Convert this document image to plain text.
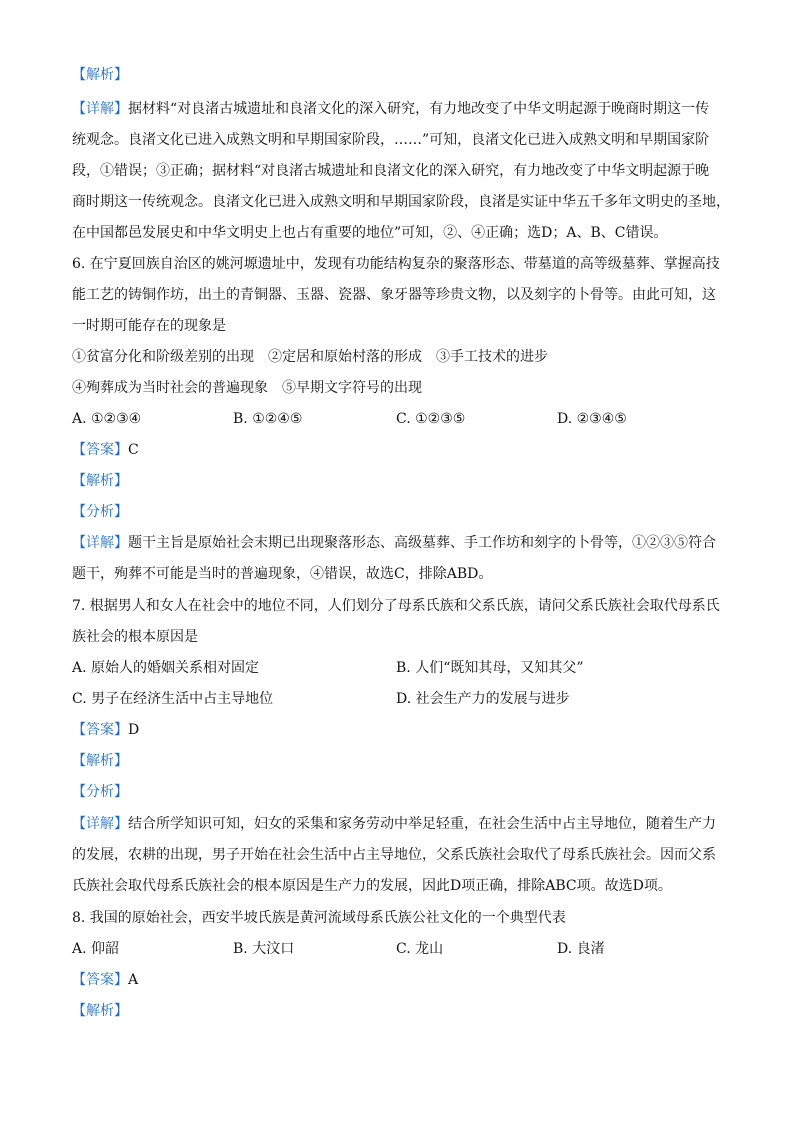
【解析】
【详解】据材料“对良渚古城遗址和良渚文化的深入研究，有力地改变了中华文明起源于晚商时期这一传
统观念。良渚文化已进入成熟文明和早期国家阶段，……”可知，良渚文化已进入成熟文明和早期国家阶
段，①错误；③正确；据材料“对良渚古城遗址和良渚文化的深入研究，有力地改变了中华文明起源于晚
商时期这一传统观念。良渚文化已进入成熟文明和早期国家阶段，良渚是实证中华五千多年文明史的圣地，
在中国都邑发展史和中华文明史上也占有重要的地位”可知，②、④正确；选D；A、B、C错误。
6. 在宁夏回族自治区的姚河塬遗址中，发现有功能结构复杂的聚落形态、带墓道的高等级墓葬、掌握高技
能工艺的铸铜作坊，出土的青铜器、玉器、瓷器、象牙器等珍贵文物，以及刻字的卜骨等。由此可知，这
一时期可能存在的现象是
①贫富分化和阶级差别的出现　②定居和原始村落的形成　③手工技术的进步
④殉葬成为当时社会的普遍现象　⑤早期文字符号的出现
A. ①②③④	B. ①②④⑤	C. ①②③⑤	D. ②③④⑤
【答案】C
【解析】
【分析】
【详解】题干主旨是原始社会末期已出现聚落形态、高级墓葬、手工作坊和刻字的卜骨等，①②③⑤符合
题干，殉葬不可能是当时的普遍现象，④错误，故选C，排除ABD。
7. 根据男人和女人在社会中的地位不同，人们划分了母系氏族和父系氏族，请问父系氏族社会取代母系氏
族社会的根本原因是
A. 原始人的婚姻关系相对固定	B. 人们“既知其母，又知其父”
C. 男子在经济生活中占主导地位	D. 社会生产力的发展与进步
【答案】D
【解析】
【分析】
【详解】结合所学知识可知，妇女的采集和家务劳动中举足轻重，在社会生活中占主导地位，随着生产力
的发展，农耕的出现，男子开始在社会生活中占主导地位，父系氏族社会取代了母系氏族社会。因而父系
氏族社会取代母系氏族社会的根本原因是生产力的发展，因此D项正确，排除ABC项。故选D项。
8. 我国的原始社会，西安半坡氏族是黄河流域母系氏族公社文化的一个典型代表
A. 仰韶	B. 大汶口	C. 龙山	D. 良渚
【答案】A
【解析】
